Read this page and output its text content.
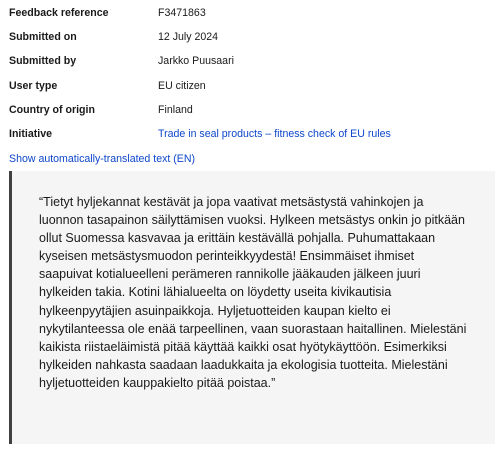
Feedback reference	F3471863
Submitted on	12 July 2024
Submitted by	Jarkko Puusaari
User type	EU citizen
Country of origin	Finland
Initiative	Trade in seal products – fitness check of EU rules
Show automatically-translated text (EN)

“Tietyt hyljekannat kestävät ja jopa vaativat metsästystä vahinkojen ja luonnon tasapainon säilyttämisen vuoksi. Hylkeen metsästys onkin jo pitkään ollut Suomessa kasvavaa ja erittäin kestävällä pohjalla. Puhumattakaan kyseisen metsästysmuodon perinteikkyydestä! Ensimmäiset ihmiset saapuivat kotialueelleni perämeren rannikolle jääkauden jälkeen juuri hylkeiden takia. Kotini lähialueelta on löydetty useita kivikautisia hylkeenpyytäjien asuinpaikkoja. Hyljetuotteiden kaupan kielto ei nykytilanteessa ole enää tarpeellinen, vaan suorastaan haitallinen. Mielestäni kaikista riistaeläimistä pitää käyttää kaikki osat hyötykäyttöön. Esimerkiksi hylkeiden nahkasta saadaan laadukkaita ja ekologisia tuotteita. Mielestäni hyljetuotteiden kauppakielto pitää poistaa.”
